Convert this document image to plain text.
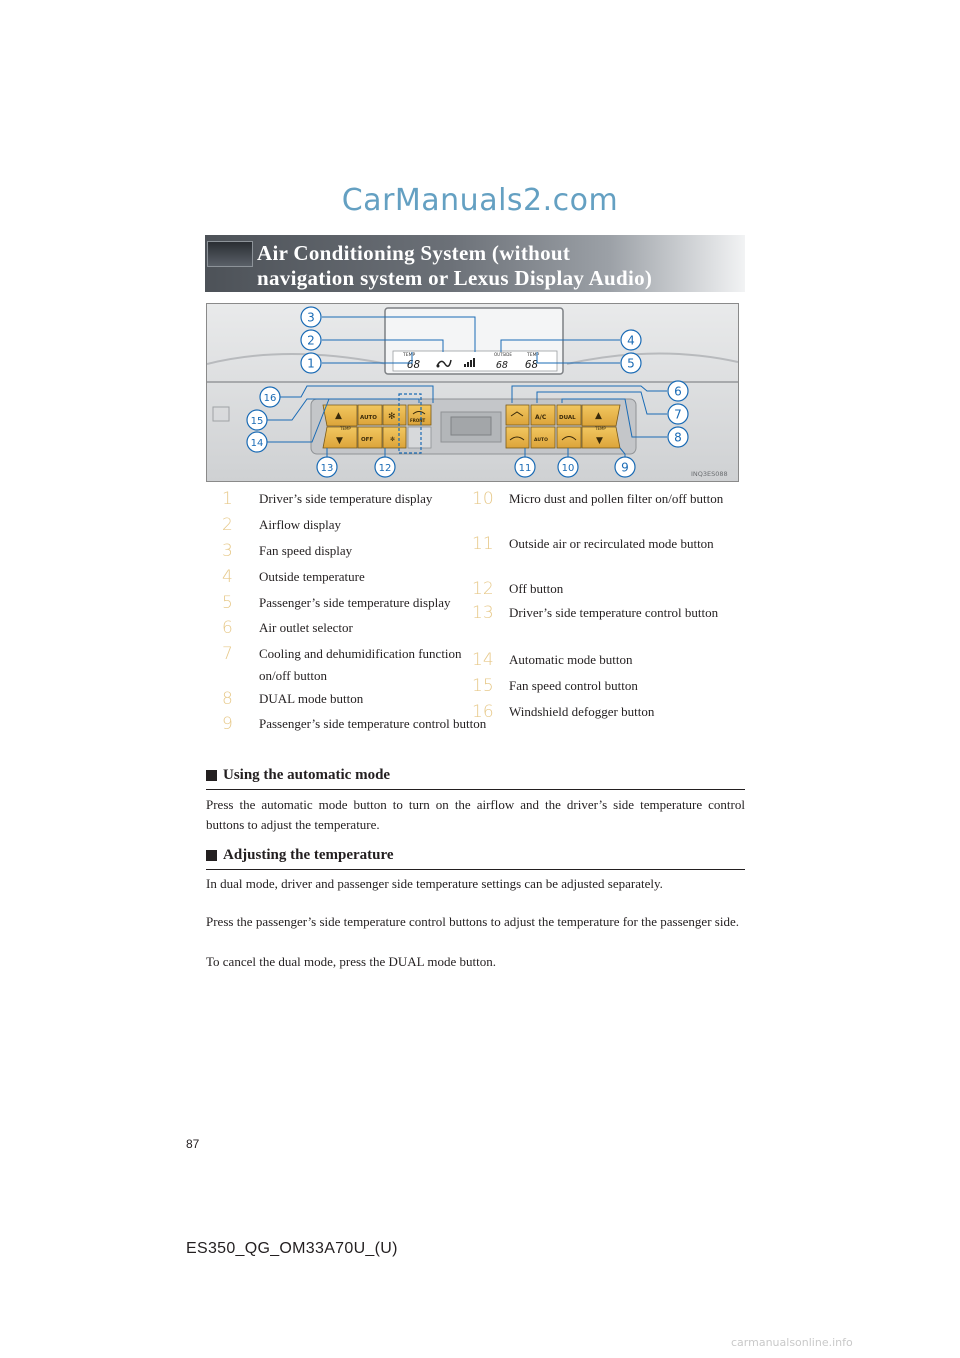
CarManuals2.com
Air Conditioning System (without
navigation system or Lexus Display Audio)
TEMP
68
OUTSIDE	TEMP
68 68
▲
▼
TEMP
AUTO
OFF
✻
✻
FRONT	A/C
AUTO
DUAL ▲
▼
TEMP
3
2
1
4
5
6
7
8
9
10
11
12
13
14
15
16
INQ3ES088
1	Driver’s side temperature display
2	Airflow display
3	Fan speed display
4	Outside temperature
5	Passenger’s side temperature display
6	Air outlet selector
7	Cooling and dehumidification function on/off button
8	DUAL mode button
9	Passenger’s side temperature control button
10 Micro dust and pollen filter on/off button
11 Outside air or recirculated mode button
12 Off button
13 Driver’s side temperature control button
14 Automatic mode button
15 Fan speed control button
16 Windshield defogger button
Using the automatic mode
Press the automatic mode button to turn on the airflow and the driver’s side temperature control buttons to adjust the temperature.
Adjusting the temperature
In dual mode, driver and passenger side temperature settings can be adjusted separately.
Press the passenger’s side temperature control buttons to adjust the temperature for the passenger side.
To cancel the dual mode, press the DUAL mode button.
87
ES350_QG_OM33A70U_(U)
carmanualsonline.info
